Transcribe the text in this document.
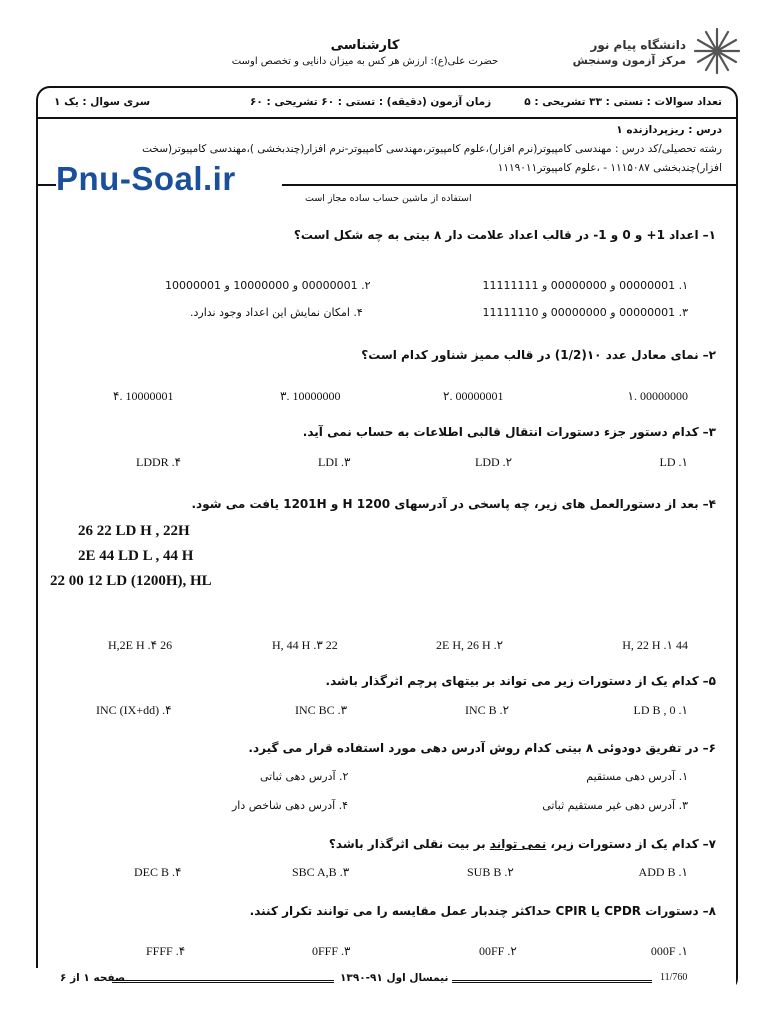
کارشناسی
حضرت علی(ع): ارزش هر کس به میزان دانایی و تخصص اوست
دانشگاه پیام نور
مرکز آزمون وسنجش
تعداد سوالات : تستی : ۳۳ تشریحی : ۵
زمان آزمون (دقیقه) : تستی : ۶۰ تشریحی : ۶۰
سری سوال : یک ۱
درس : ریزپردازنده ۱
رشته تحصیلی/کد درس : مهندسی کامپیوتر(نرم افزار)،علوم کامپیوتر،مهندسی کامپیوتر-نرم افزار(چندبخشی )،مهندسی کامپیوتر(سخت
افزار)چندبخشی ۱۱۱۵۰۸۷ - ،علوم کامپیوتر۱۱۱۹۰۱۱
استفاده از ماشین حساب ساده مجاز است
Pnu-Soal.ir
۱–اعداد 1+ و 0 و 1- در قالب اعداد علامت دار ۸ بیتی به چه شکل است؟
۱. 00000001 و 00000000 و 11111111
۲. 00000001 و 10000000 و 10000001
۳. 00000001 و 00000000 و 11111110
۴. امکان نمایش این اعداد وجود ندارد.
۲–نمای معادل عدد ۱۰(1/2) در قالب ممیز شناور کدام است؟
00000000 .۱
00000001 .۲
10000000 .۳
10000001 .۴
۳–کدام دستور جزء دستورات انتقال قالبی اطلاعات به حساب نمی آید.
LD .۱
LDD .۲
LDI .۳
LDDR .۴
۴–بعد از دستورالعمل های زیر، چه پاسخی در آدرسهای 1200 H و 1201H یافت می شود.
26 22 LD H , 22H
2E 44 LD L , 44 H
22 00 12 LD (1200H), HL
44 H, 22 H .۱
2E H, 26 H .۲
22 H, 44 H .۳
26 H,2E H .۴
۵–کدام یک از دستورات زیر می تواند بر بیتهای پرچم اثرگذار باشد.
LD B , 0 .۱
INC B .۲
INC BC .۳
INC (IX+dd) .۴
۶–در تفریق دودوئی ۸ بیتی کدام روش آدرس دهی مورد استفاده قرار می گیرد.
۱. آدرس دهی مستقیم
۲. آدرس دهی ثباتی
۳. آدرس دهی غیر مستقیم ثباتی
۴. آدرس دهی شاخص دار
۷–کدام یک از دستورات زیر، نمی تواند بر بیت نقلی اثرگذار باشد؟
ADD B .۱
SUB B .۲
SBC A,B .۳
DEC B .۴
۸–دستورات CPDR یا CPIR حداکثر چندبار عمل مقایسه را می توانند تکرار کنند.
000F .۱
00FF .۲
0FFF .۳
FFFF .۴
صفحه ۱ از ۶	نیمسال اول ۹۱-۱۳۹۰	11/760
